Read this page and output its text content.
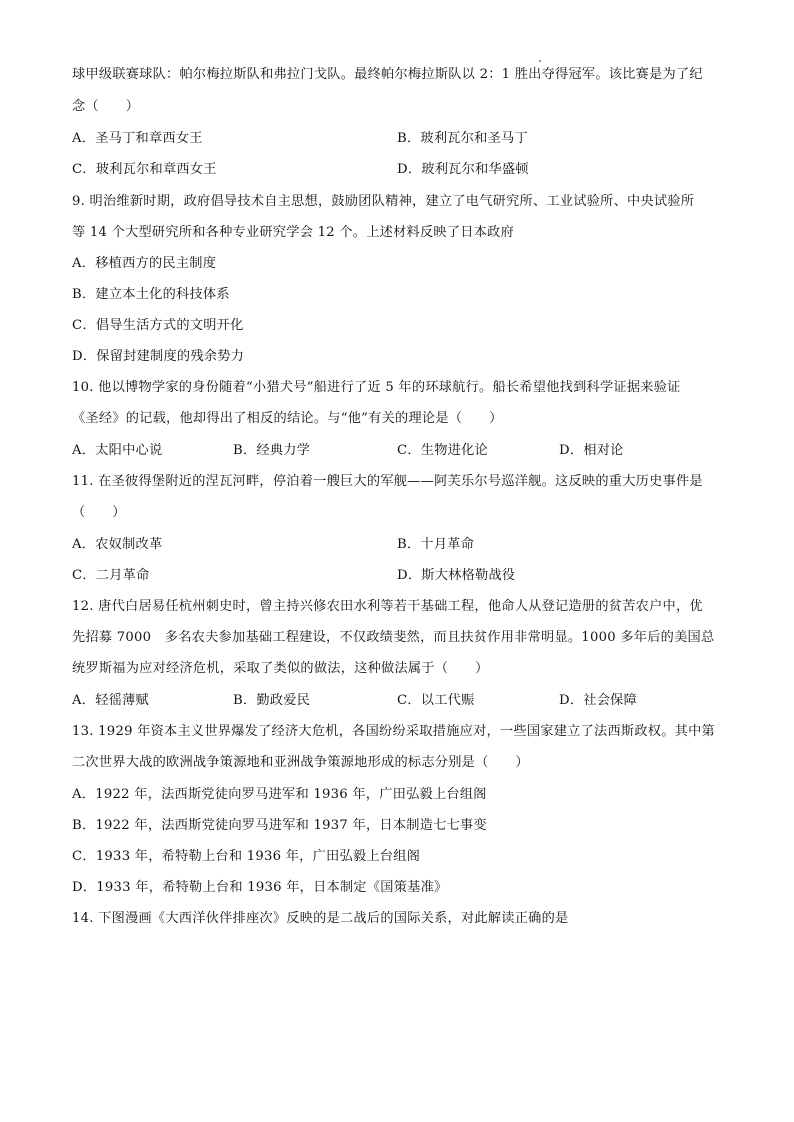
球甲级联赛球队：帕尔梅拉斯队和弗拉门戈队。最终帕尔梅拉斯队以 2：1 胜出夺得冠军。该比赛是为了纪
念（　　）
A．圣马丁和章西女王	B．玻利瓦尔和圣马丁
C．玻利瓦尔和章西女王	D．玻利瓦尔和华盛顿
9. 明治维新时期，政府倡导技术自主思想，鼓励团队精神，建立了电气研究所、工业试验所、中央试验所
等 14 个大型研究所和各种专业研究学会 12 个。上述材料反映了日本政府
A．移植西方的民主制度
B．建立本土化的科技体系
C．倡导生活方式的文明开化
D．保留封建制度的残余势力
10. 他以博物学家的身份随着“小猎犬号”船进行了近 5 年的环球航行。船长希望他找到科学证据来验证
《圣经》的记载，他却得出了相反的结论。与“他”有关的理论是（　　）
A．太阳中心说	B．经典力学	C．生物进化论	D．相对论
11. 在圣彼得堡附近的涅瓦河畔，停泊着一艘巨大的军舰——阿芙乐尔号巡洋舰。这反映的重大历史事件是
（　　）
A．农奴制改革	B．十月革命
C．二月革命	D．斯大林格勒战役
12. 唐代白居易任杭州刺史时，曾主持兴修农田水利等若干基础工程，他命人从登记造册的贫苦农户中，优
先招募 7000　多名农夫参加基础工程建设，不仅政绩斐然，而且扶贫作用非常明显。1000 多年后的美国总
统罗斯福为应对经济危机，采取了类似的做法，这种做法属于（　　）
A．轻徭薄赋	B．勤政爱民	C．以工代赈	D．社会保障
13. 1929 年资本主义世界爆发了经济大危机，各国纷纷采取措施应对，一些国家建立了法西斯政权。其中第
二次世界大战的欧洲战争策源地和亚洲战争策源地形成的标志分别是（　　）
A．1922 年，法西斯党徒向罗马进军和 1936 年，广田弘毅上台组阁
B．1922 年，法西斯党徒向罗马进军和 1937 年，日本制造七七事变
C．1933 年，希特勒上台和 1936 年，广田弘毅上台组阁
D．1933 年，希特勒上台和 1936 年，日本制定《国策基准》
14. 下图漫画《大西洋伙伴排座次》反映的是二战后的国际关系，对此解读正确的是
